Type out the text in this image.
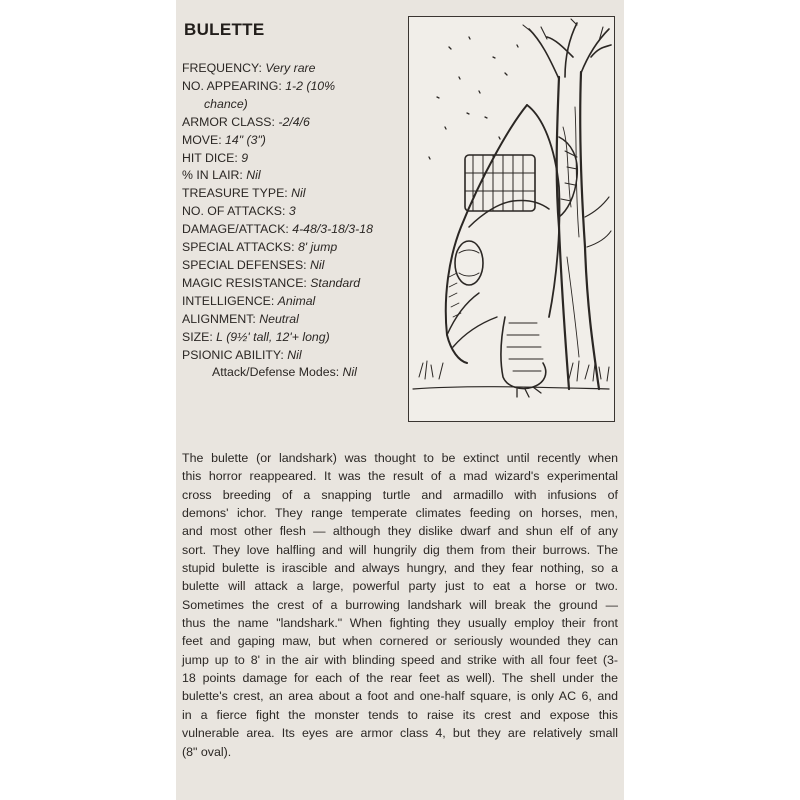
BULETTE
FREQUENCY: Very rare
NO. APPEARING: 1-2 (10%
chance)
ARMOR CLASS: -2/4/6
MOVE: 14" (3")
HIT DICE: 9
% IN LAIR: Nil
TREASURE TYPE: Nil
NO. OF ATTACKS: 3
DAMAGE/ATTACK: 4-48/3-18/3-18
SPECIAL ATTACKS: 8' jump
SPECIAL DEFENSES: Nil
MAGIC RESISTANCE: Standard
INTELLIGENCE: Animal
ALIGNMENT: Neutral
SIZE: L (9½' tall, 12'+ long)
PSIONIC ABILITY: Nil
Attack/Defense Modes: Nil
The bulette (or landshark) was thought to be extinct until recently when
this horror reappeared. It was the result of a mad wizard's experimental
cross breeding of a snapping turtle and armadillo with infusions of
demons' ichor. They range temperate climates feeding on horses, men,
and most other flesh — although they dislike dwarf and shun elf of any
sort. They love halfling and will hungrily dig them from their burrows. The
stupid bulette is irascible and always hungry, and they fear nothing, so a
bulette will attack a large, powerful party just to eat a horse or two.
Sometimes the crest of a burrowing landshark will break the ground —
thus the name "landshark." When fighting they usually employ their front
feet and gaping maw, but when cornered or seriously wounded they can
jump up to 8' in the air with blinding speed and strike with all four feet (3-
18 points damage for each of the rear feet as well). The shell under the
bulette's crest, an area about a foot and one-half square, is only AC 6, and
in a fierce fight the monster tends to raise its crest and expose this
vulnerable area. Its eyes are armor class 4, but they are relatively small
(8" oval).
